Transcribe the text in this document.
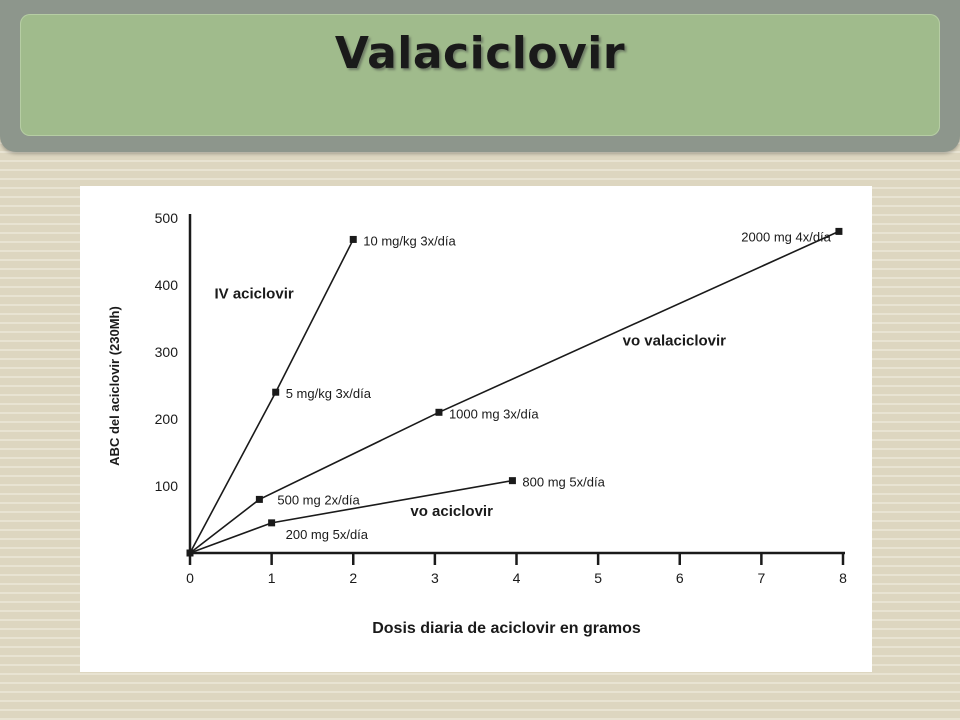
Valaciclovir
0	1	2	3	4	5	6	7	8
100
200
300
400
500
Dosis diaria de aciclovir en gramos
ABC del aciclovir (230Mh)	5 mg/kg 3x/día
10 mg/kg 3x/día
IV aciclovir
500 mg 2x/día
1000 mg 3x/día
2000 mg 4x/día
vo valaciclovir
200 mg 5x/día
800 mg 5x/día
vo aciclovir
